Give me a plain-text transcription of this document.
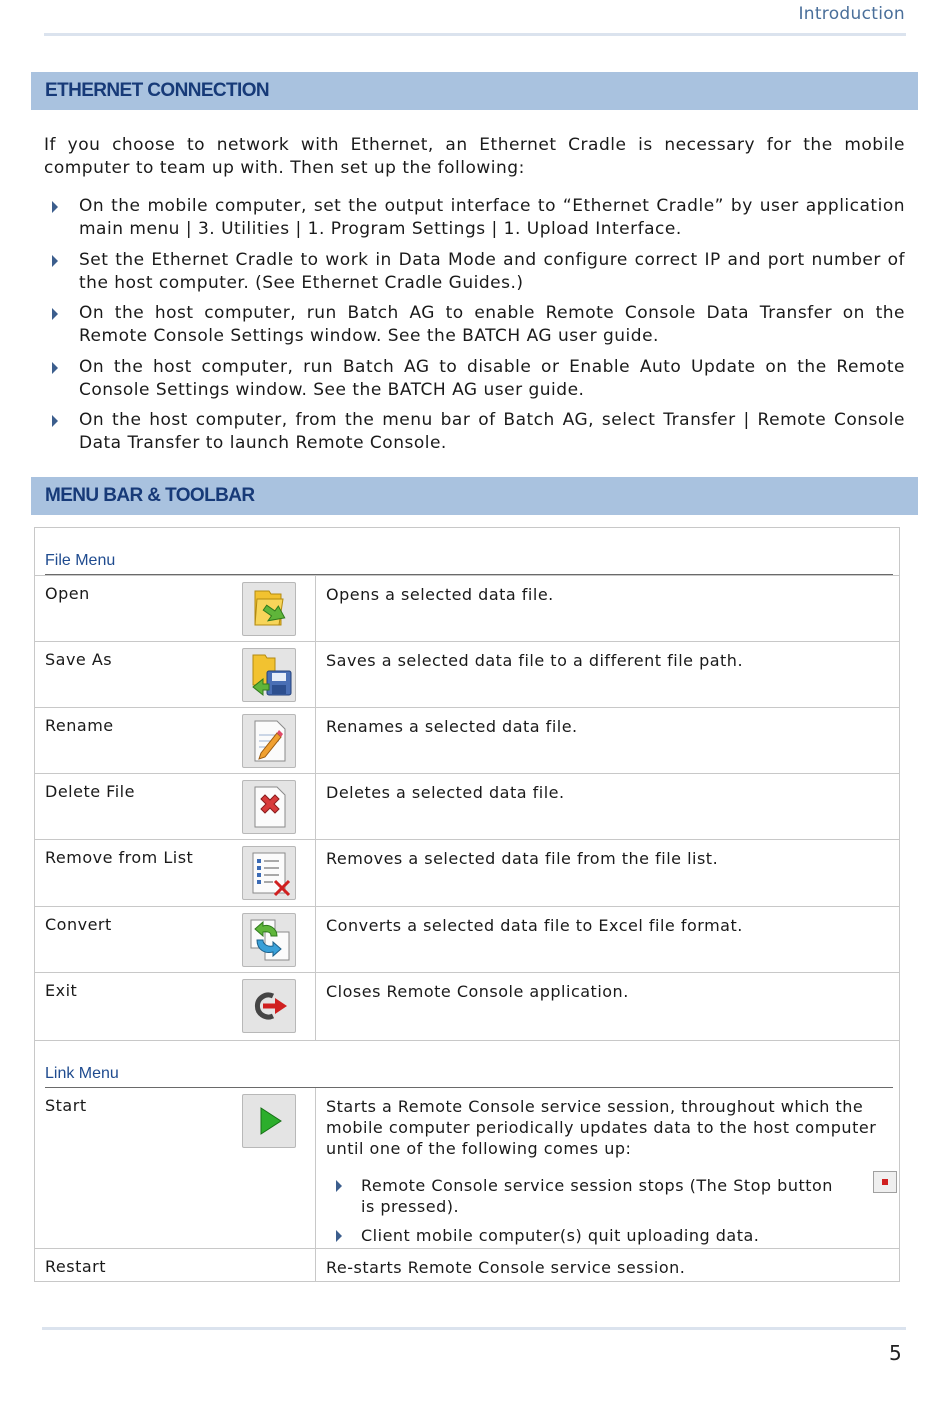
Introduction
ETHERNET CONNECTION
If you choose to network with Ethernet, an Ethernet Cradle is necessary for the mobile computer to team up with. Then set up the following:
On the mobile computer, set the output interface to “Ethernet Cradle” by user application main menu | 3. Utilities | 1. Program Settings | 1. Upload Interface.
Set the Ethernet Cradle to work in Data Mode and configure correct IP and port number of the host computer. (See Ethernet Cradle Guides.)
On the host computer, run Batch AG to enable Remote Console Data Transfer on the Remote Console Settings window. See the BATCH AG user guide.
On the host computer, run Batch AG to disable or Enable Auto Update on the Remote Console Settings window. See the BATCH AG user guide.
On the host computer, from the menu bar of Batch AG, select Transfer | Remote Console Data Transfer to launch Remote Console.
MENU BAR & TOOLBAR
File Menu
Open	Opens a selected data file.
Save As	Saves a selected data file to a different file path.
Rename	Renames a selected data file.
Delete File	Deletes a selected data file.
Remove from List	Removes a selected data file from the file list.
Convert	Converts a selected data file to Excel file format.
Exit	Closes Remote Console application.
Link Menu
Start	Starts a Remote Console service session, throughout which the mobile computer periodically updates data to the host computer until one of the following comes up:
Remote Console service session stops (The Stop button is pressed).
Client mobile computer(s) quit uploading data.
Restart	Re-starts Remote Console service session.
5
